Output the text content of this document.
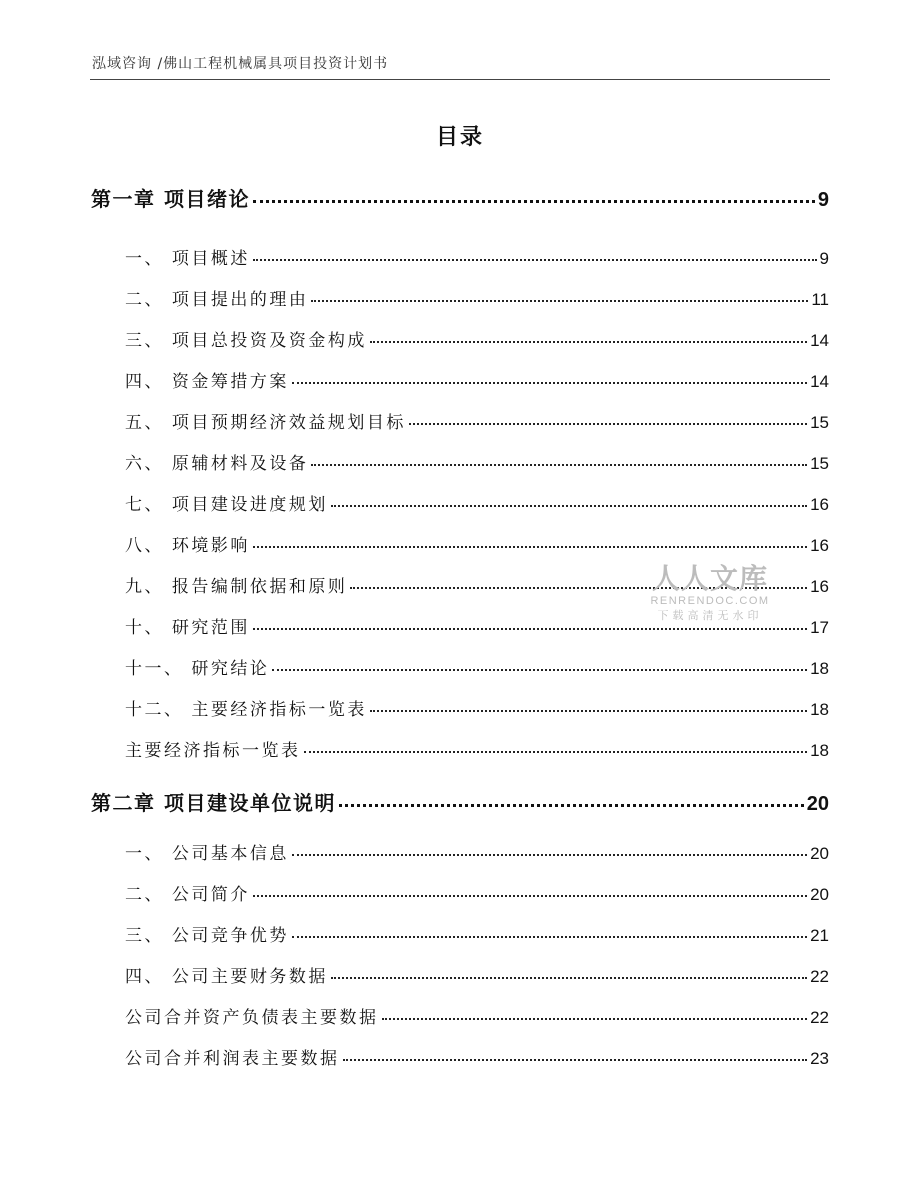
泓域咨询 /佛山工程机械属具项目投资计划书
目录
第一章 项目绪论	9
一、 项目概述	9
二、 项目提出的理由	11
三、 项目总投资及资金构成	14
四、 资金筹措方案	14
五、 项目预期经济效益规划目标	15
六、 原辅材料及设备	15
七、 项目建设进度规划	16
八、 环境影响	16
九、 报告编制依据和原则	16
十、 研究范围	17
十一、 研究结论	18
十二、 主要经济指标一览表	18
主要经济指标一览表	18
第二章 项目建设单位说明	20
一、 公司基本信息	20
二、 公司简介	20
三、 公司竞争优势	21
四、 公司主要财务数据	22
公司合并资产负债表主要数据	22
公司合并利润表主要数据	23
人人文库
RENRENDOC.COM
下载高清无水印
